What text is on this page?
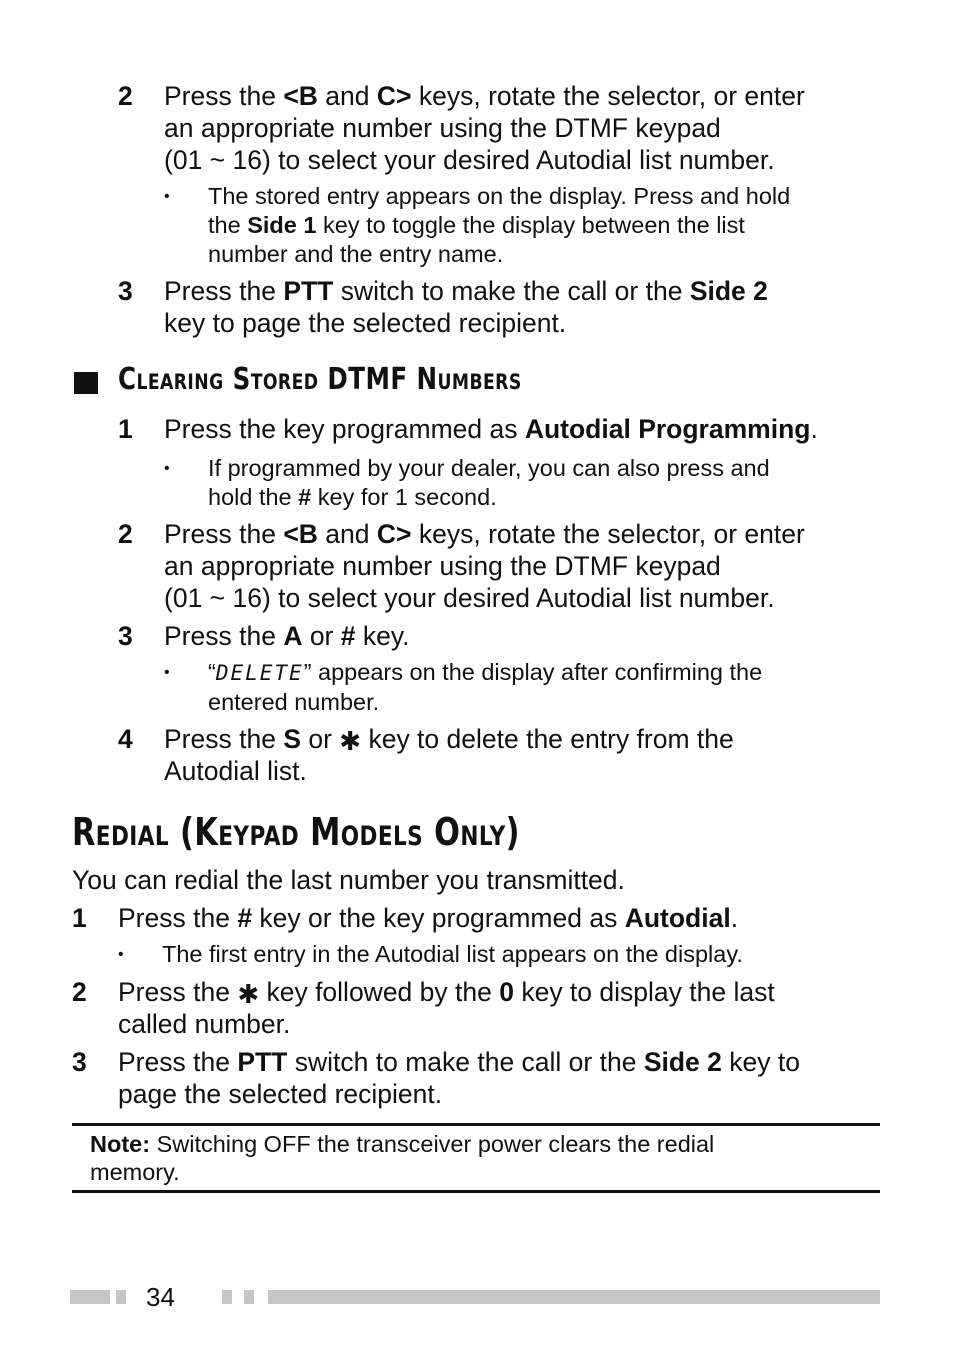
2 Press the <B and C> keys, rotate the selector, or enter
an appropriate number using the DTMF keypad
(01 ~ 16) to select your desired Autodial list number.
• The stored entry appears on the display. Press and hold
the Side 1 key to toggle the display between the list
number and the entry name.
3 Press the PTT switch to make the call or the Side 2
key to page the selected recipient.
Clearing Stored DTMF Numbers
1 Press the key programmed as Autodial Programming.
• If programmed by your dealer, you can also press and
hold the # key for 1 second.
2 Press the <B and C> keys, rotate the selector, or enter
an appropriate number using the DTMF keypad
(01 ~ 16) to select your desired Autodial list number.
3 Press the A or # key.
• “DELETE” appears on the display after confirming the
entered number.
4 Press the S or ✱ key to delete the entry from the
Autodial list.
Redial (Keypad Models Only)
You can redial the last number you transmitted.
1 Press the # key or the key programmed as Autodial.
• The first entry in the Autodial list appears on the display.
2 Press the ✱ key followed by the 0 key to display the last
called number.
3 Press the PTT switch to make the call or the Side 2 key to
page the selected recipient.
Note: Switching OFF the transceiver power clears the redial
memory.
34
